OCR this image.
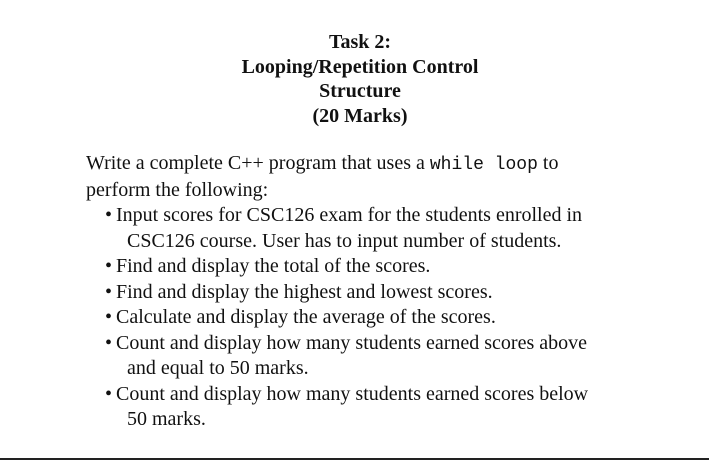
Task 2:
Looping/Repetition Control
Structure
(20 Marks)
Write a complete C++ program that uses a while loop to
perform the following:
• Input scores for CSC126 exam for the students enrolled in
CSC126 course. User has to input number of students.
• Find and display the total of the scores.
• Find and display the highest and lowest scores.
• Calculate and display the average of the scores.
• Count and display how many students earned scores above
and equal to 50 marks.
• Count and display how many students earned scores below
50 marks.
